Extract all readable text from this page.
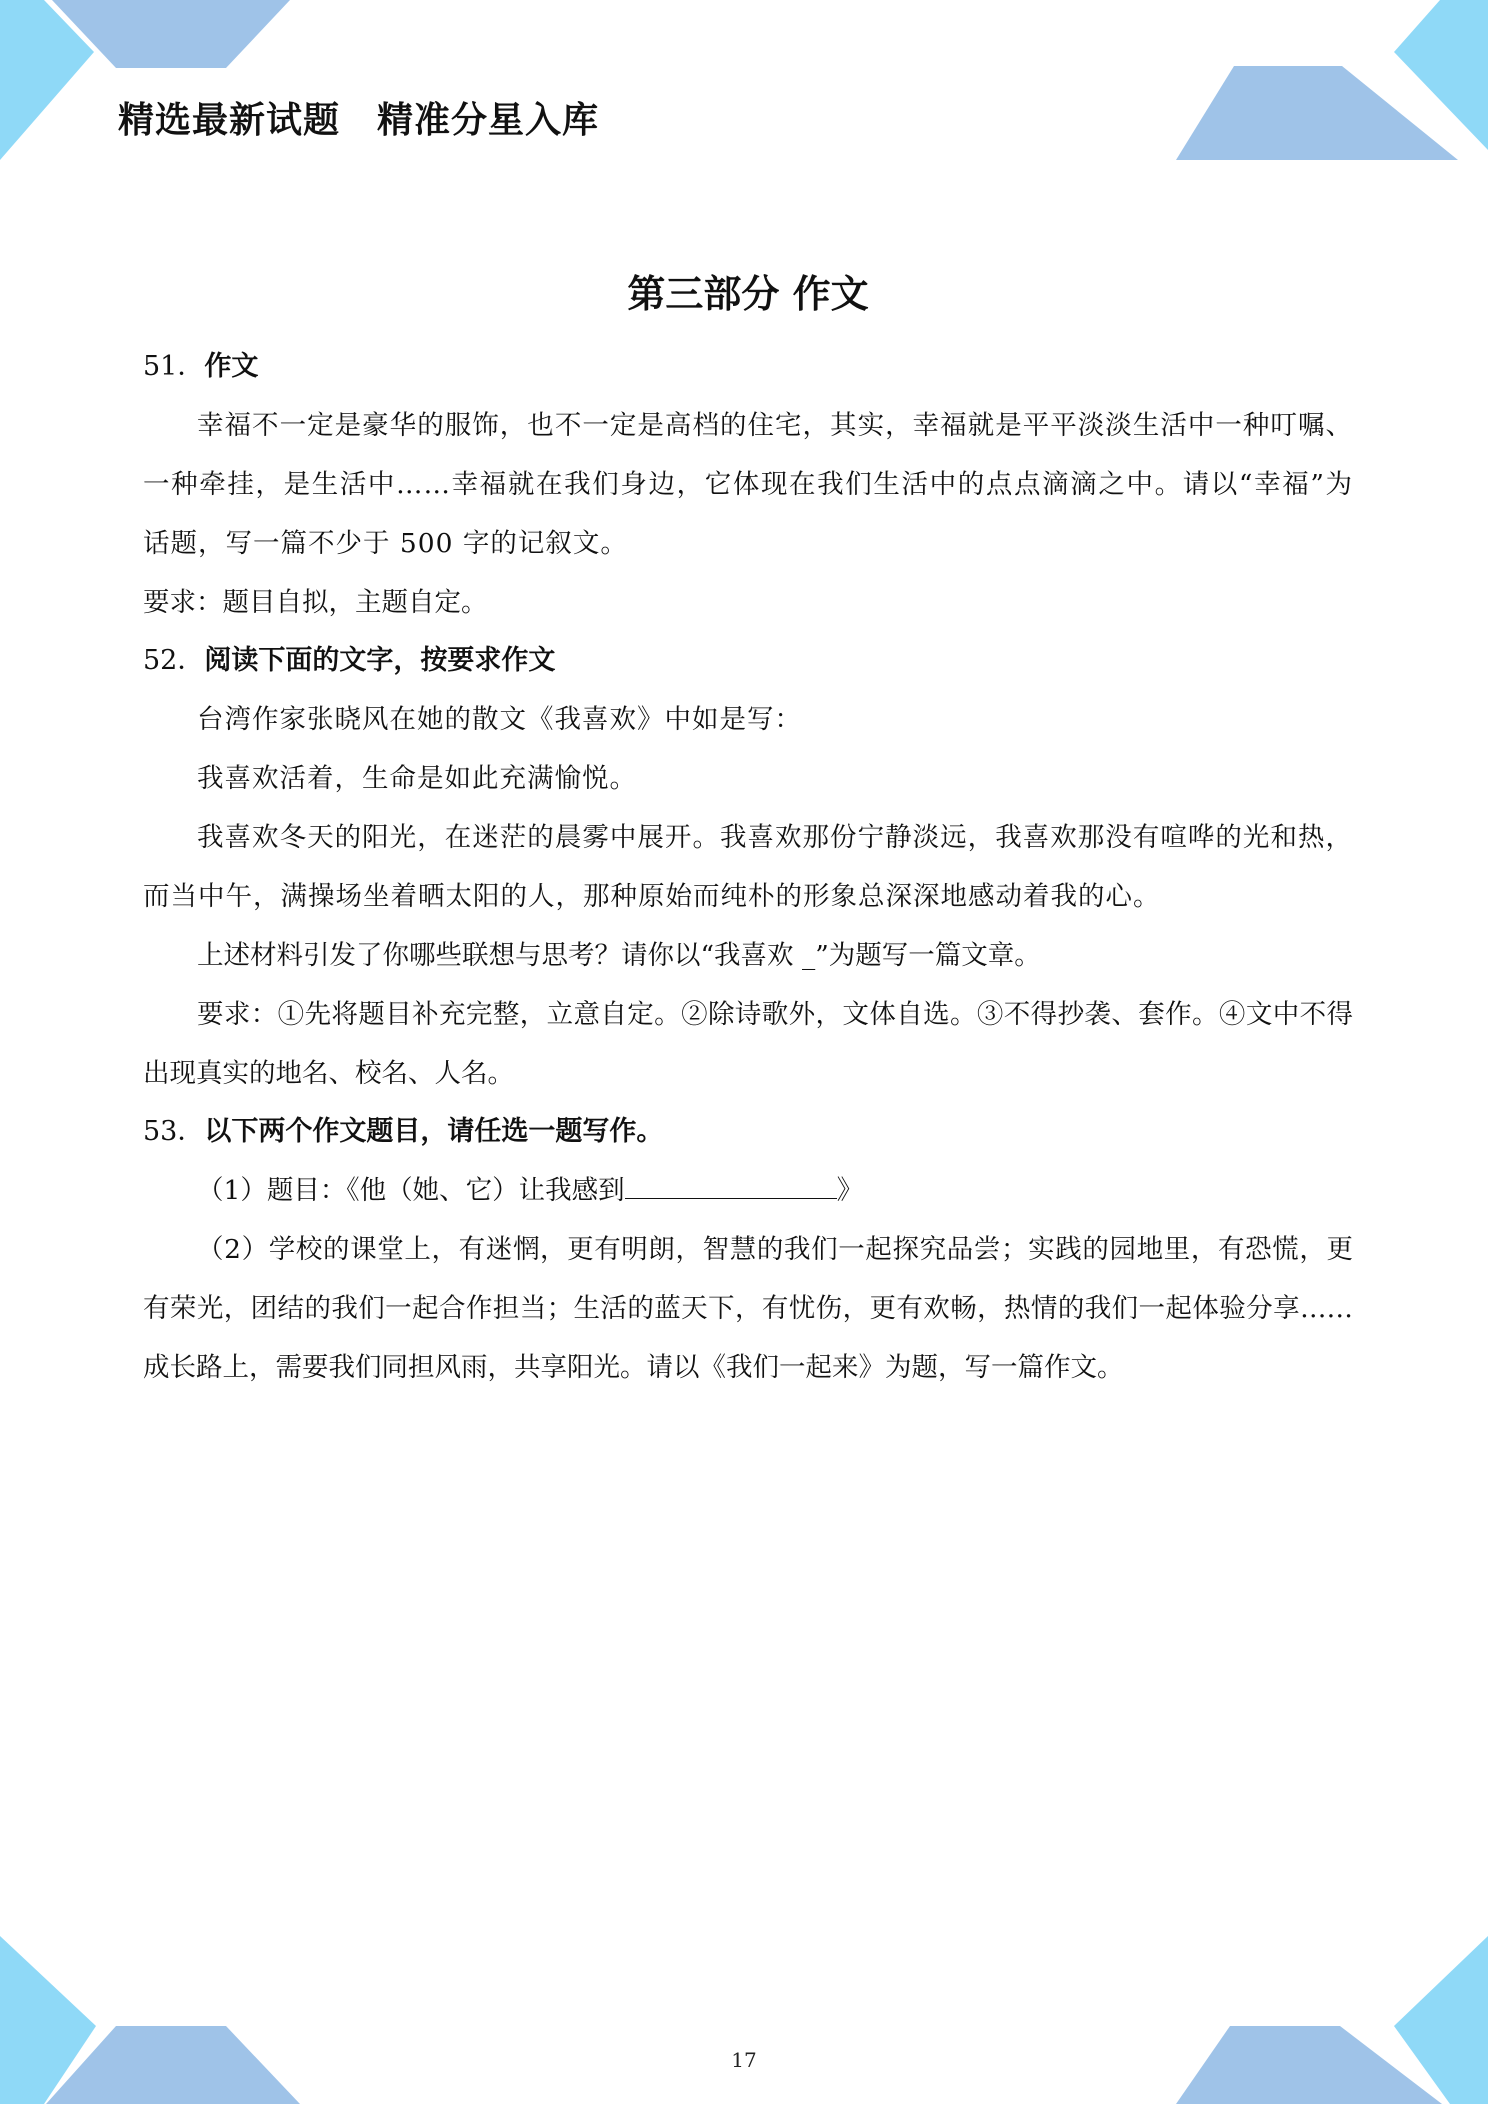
精选最新试题　精准分星入库
第三部分 作文

51．作文

幸福不一定是豪华的服饰，也不一定是高档的住宅，其实，幸福就是平平淡淡生活中一种叮嘱、一种牵挂，是生活中……幸福就在我们身边，它体现在我们生活中的点点滴滴之中。请以“幸福”为话题，写一篇不少于 500 字的记叙文。

要求：题目自拟，主题自定。

52．阅读下面的文字，按要求作文

台湾作家张晓风在她的散文《我喜欢》中如是写：

我喜欢活着，生命是如此充满愉悦。

我喜欢冬天的阳光，在迷茫的晨雾中展开。我喜欢那份宁静淡远，我喜欢那没有喧哗的光和热，而当中午，满操场坐着晒太阳的人，那种原始而纯朴的形象总深深地感动着我的心。

上述材料引发了你哪些联想与思考？请你以“我喜欢 _”为题写一篇文章。

要求：①先将题目补充完整，立意自定。②除诗歌外，文体自选。③不得抄袭、套作。④文中不得出现真实的地名、校名、人名。

53．以下两个作文题目，请任选一题写作。

（1）题目：《他（她、它）让我感到	》

（2）学校的课堂上，有迷惘，更有明朗，智慧的我们一起探究品尝；实践的园地里，有恐慌，更有荣光，团结的我们一起合作担当；生活的蓝天下，有忧伤，更有欢畅，热情的我们一起体验分享……成长路上，需要我们同担风雨，共享阳光。请以《我们一起来》为题，写一篇作文。

17
